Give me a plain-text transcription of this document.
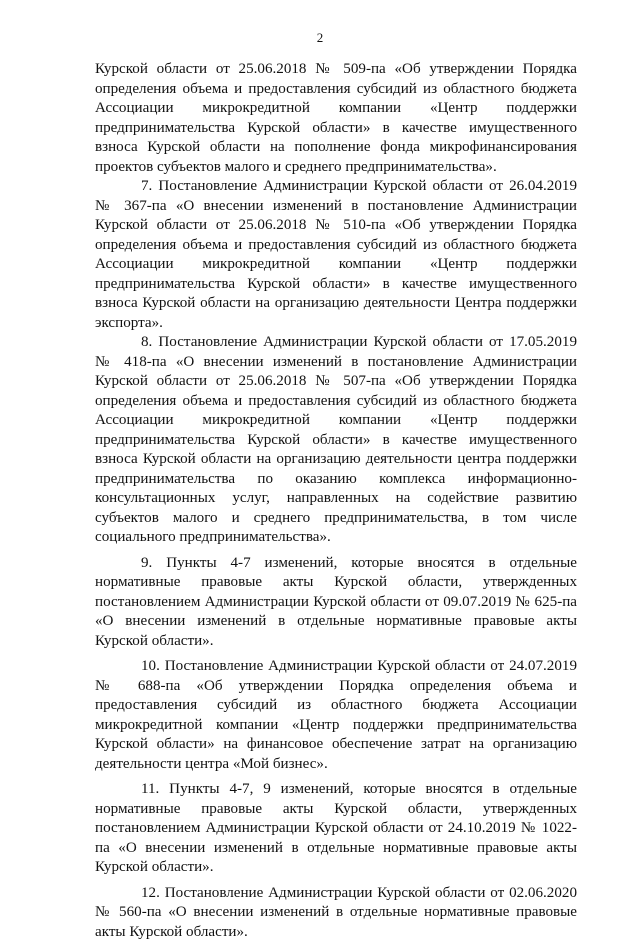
2

Курской области от 25.06.2018 № 509-па «Об утверждении Порядка определения объема и предоставления субсидий из областного бюджета Ассоциации микрокредитной компании «Центр поддержки предпринимательства Курской области» в качестве имущественного взноса Курской области на пополнение фонда микрофинансирования проектов субъектов малого и среднего предпринимательства».

7. Постановление Администрации Курской области от 26.04.2019 № 367-па «О внесении изменений в постановление Администрации Курской области от 25.06.2018 № 510-па «Об утверждении Порядка определения объема и предоставления субсидий из областного бюджета Ассоциации микрокредитной компании «Центр поддержки предпринимательства Курской области» в качестве имущественного взноса Курской области на организацию деятельности Центра поддержки экспорта».

8. Постановление Администрации Курской области от 17.05.2019 № 418-па «О внесении изменений в постановление Администрации Курской области от 25.06.2018 № 507-па «Об утверждении Порядка определения объема и предоставления субсидий из областного бюджета Ассоциации микрокредитной компании «Центр поддержки предпринимательства Курской области» в качестве имущественного взноса Курской области на организацию деятельности центра поддержки предпринимательства по оказанию комплекса информационно-консультационных услуг, направленных на содействие развитию субъектов малого и среднего предпринимательства, в том числе социального предпринимательства».

9. Пункты 4-7 изменений, которые вносятся в отдельные нормативные правовые акты Курской области, утвержденных постановлением Администрации Курской области от 09.07.2019 № 625-па «О внесении изменений в отдельные нормативные правовые акты Курской области».

10. Постановление Администрации Курской области от 24.07.2019 № 688-па «Об утверждении Порядка определения объема и предоставления субсидий из областного бюджета Ассоциации микрокредитной компании «Центр поддержки предпринимательства Курской области» на финансовое обеспечение затрат на организацию деятельности центра «Мой бизнес».

11. Пункты 4-7, 9 изменений, которые вносятся в отдельные нормативные правовые акты Курской области, утвержденных постановлением Администрации Курской области от 24.10.2019 № 1022-па «О внесении изменений в отдельные нормативные правовые акты Курской области».

12. Постановление Администрации Курской области от 02.06.2020 № 560-па «О внесении изменений в отдельные нормативные правовые акты Курской области».
